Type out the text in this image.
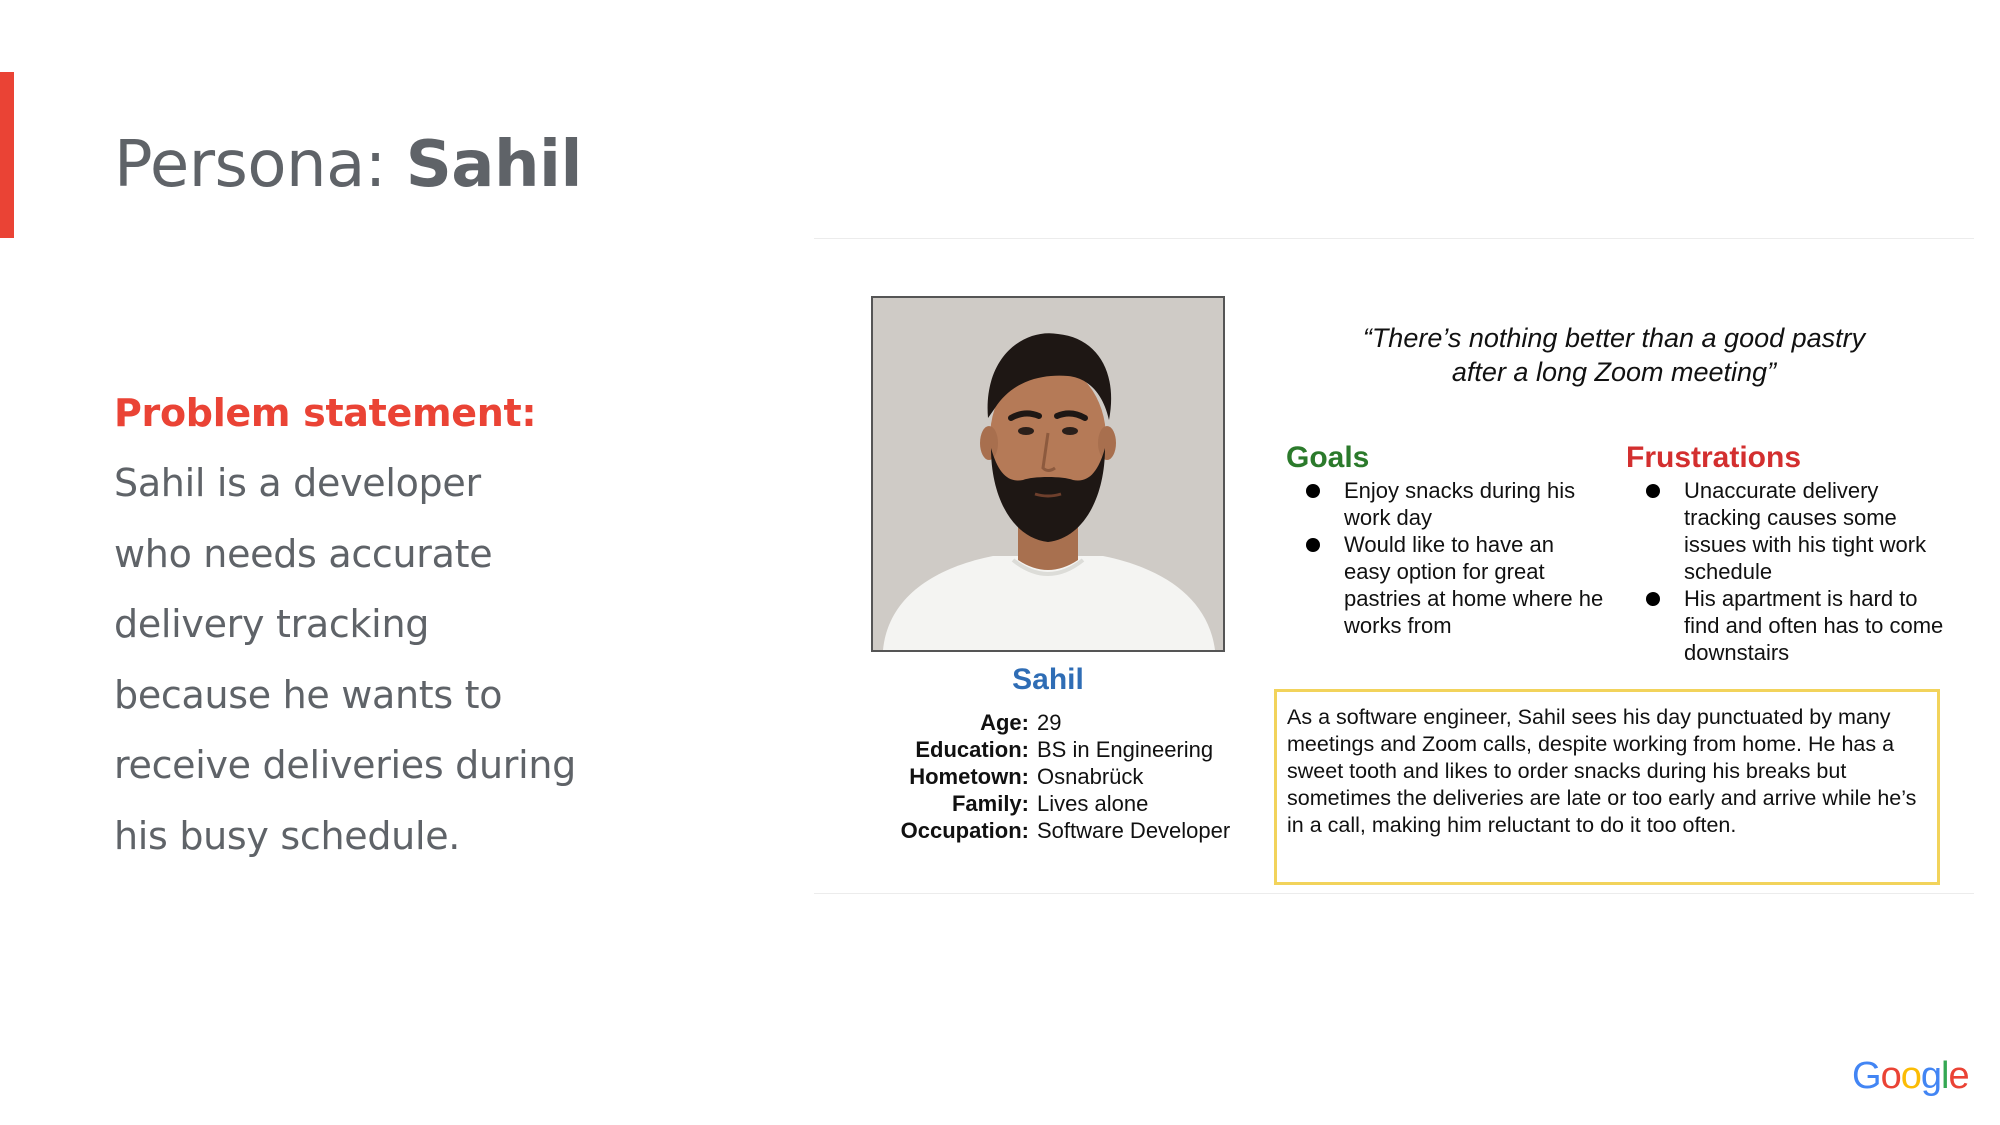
Persona: Sahil
Problem statement:
Sahil is a developer
who needs accurate
delivery tracking
because he wants to
receive deliveries during
his busy schedule.
Sahil
Age: 29
Education: BS in Engineering
Hometown: Osnabrück
Family: Lives alone
Occupation: Software Developer
“There’s nothing better than a good pastry
after a long Zoom meeting”
Goals
Enjoy snacks during his work day
Would like to have an easy option for great pastries at home where he works from
Frustrations
Unaccurate delivery tracking causes some issues with his tight work schedule
His apartment is hard to find and often has to come downstairs
As a software engineer, Sahil sees his day punctuated by many meetings and Zoom calls, despite working from home. He has a sweet tooth and likes to order snacks during his breaks but sometimes the deliveries are late or too early and arrive while he’s in a call, making him reluctant to do it too often.
Google
